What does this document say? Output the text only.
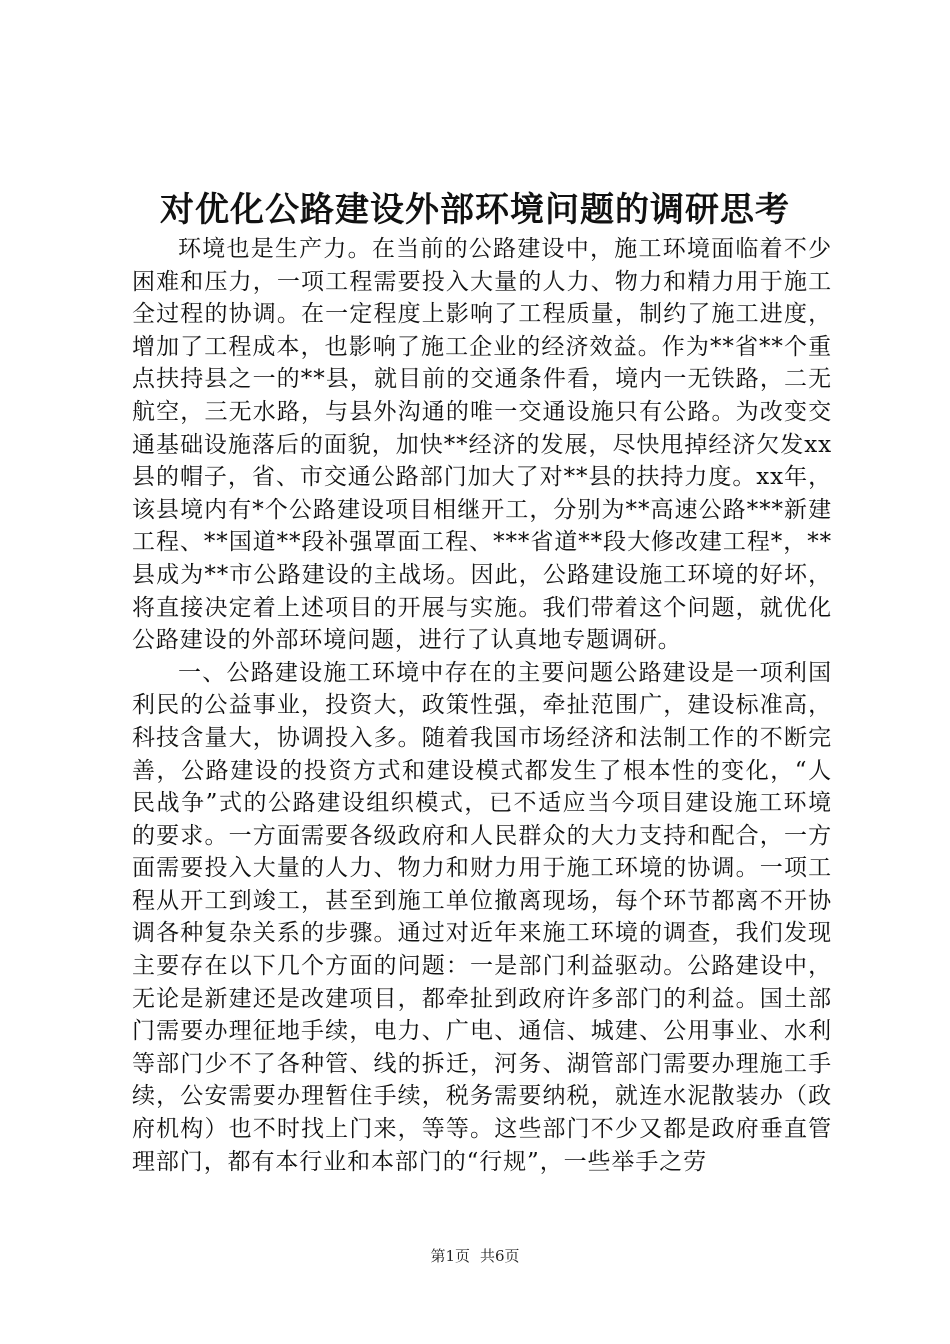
对优化公路建设外部环境问题的调研思考

环境也是生产力。在当前的公路建设中，施工环境面临着不少困难和压力，一项工程需要投入大量的人力、物力和精力用于施工全过程的协调。在一定程度上影响了工程质量，制约了施工进度，增加了工程成本，也影响了施工企业的经济效益。作为**省**个重点扶持县之一的**县，就目前的交通条件看，境内一无铁路，二无航空，三无水路，与县外沟通的唯一交通设施只有公路。为改变交通基础设施落后的面貌，加快**经济的发展，尽快甩掉经济欠发xx县的帽子，省、市交通公路部门加大了对**县的扶持力度。xx年，该县境内有*个公路建设项目相继开工，分别为**高速公路***新建工程、**国道**段补强罩面工程、***省道**段大修改建工程*，**县成为**市公路建设的主战场。因此，公路建设施工环境的好坏，将直接决定着上述项目的开展与实施。我们带着这个问题，就优化公路建设的外部环境问题，进行了认真地专题调研。

一、公路建设施工环境中存在的主要问题公路建设是一项利国利民的公益事业，投资大，政策性强，牵扯范围广，建设标准高，科技含量大，协调投入多。随着我国市场经济和法制工作的不断完善，公路建设的投资方式和建设模式都发生了根本性的变化，“人民战争”式的公路建设组织模式，已不适应当今项目建设施工环境的要求。一方面需要各级政府和人民群众的大力支持和配合，一方面需要投入大量的人力、物力和财力用于施工环境的协调。一项工程从开工到竣工，甚至到施工单位撤离现场，每个环节都离不开协调各种复杂关系的步骤。通过对近年来施工环境的调查，我们发现主要存在以下几个方面的问题：一是部门利益驱动。公路建设中，无论是新建还是改建项目，都牵扯到政府许多部门的利益。国土部门需要办理征地手续，电力、广电、通信、城建、公用事业、水利等部门少不了各种管、线的拆迁，河务、湖管部门需要办理施工手续，公安需要办理暂住手续，税务需要纳税，就连水泥散装办（政府机构）也不时找上门来，等等。这些部门不少又都是政府垂直管理部门，都有本行业和本部门的“行规”，一些举手之劳

第1页 共6页
